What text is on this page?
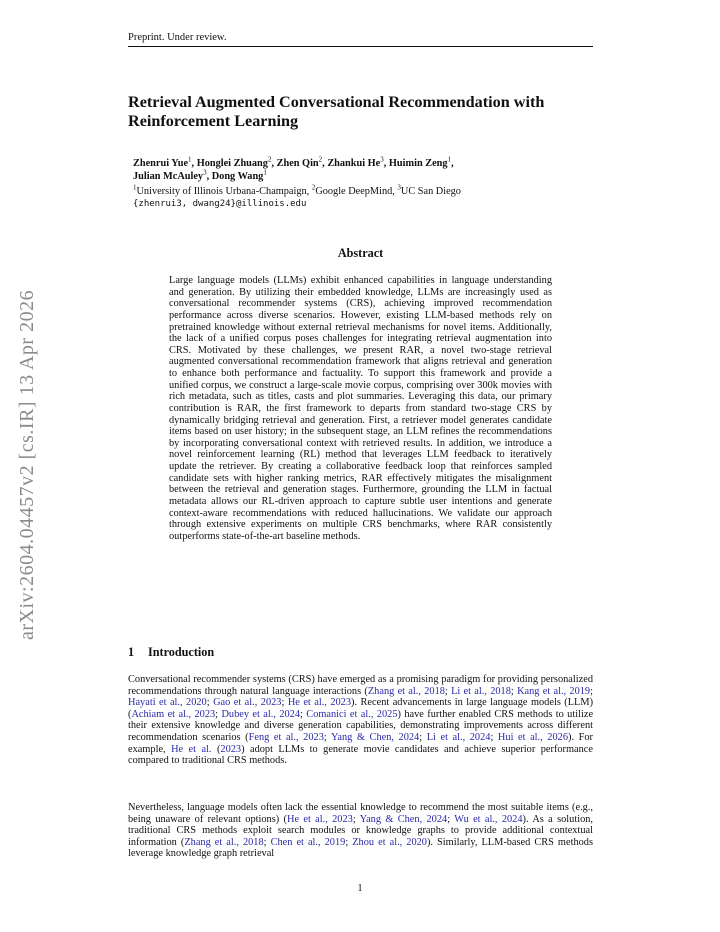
Preprint. Under review.
Retrieval Augmented Conversational Recommendation with Reinforcement Learning
Zhenrui Yue$^1$, Honglei Zhuang$^2$, Zhen Qin$^2$, Zhankui He$^3$, Huimin Zeng$^1$,
Julian McAuley$^3$, Dong Wang$^1$
$^1$University of Illinois Urbana-Champaign, $^2$Google DeepMind, $^3$UC San Diego
{zhenrui3, dwang24}@illinois.edu
Abstract
Large language models (LLMs) exhibit enhanced capabilities in language understanding and generation. By utilizing their embedded knowledge, LLMs are increasingly used as conversational recommender systems (CRS), achieving improved recommendation performance across diverse scenarios. However, existing LLM-based methods rely on pretrained knowledge without external retrieval mechanisms for novel items. Additionally, the lack of a unified corpus poses challenges for integrating retrieval augmentation into CRS. Motivated by these challenges, we present RAR, a novel two-stage retrieval augmented conversational recommendation framework that aligns retrieval and generation to enhance both performance and factuality. To support this framework and provide a unified corpus, we construct a large-scale movie corpus, comprising over 300k movies with rich metadata, such as titles, casts and plot summaries. Leveraging this data, our primary contribution is RAR, the first framework to departs from standard two-stage CRS by dynamically bridging retrieval and generation. First, a retriever model generates candidate items based on user history; in the subsequent stage, an LLM refines the recommendations by incorporating conversational context with retrieved results. In addition, we introduce a novel reinforcement learning (RL) method that leverages LLM feedback to iteratively update the retriever. By creating a collaborative feedback loop that reinforces sampled candidate sets with higher ranking metrics, RAR effectively mitigates the misalignment between the retrieval and generation stages. Furthermore, grounding the LLM in factual metadata allows our RL-driven approach to capture subtle user intentions and generate context-aware recommendations with reduced hallucinations. We validate our approach through extensive experiments on multiple CRS benchmarks, where RAR consistently outperforms state-of-the-art baseline methods.
1 Introduction
Conversational recommender systems (CRS) have emerged as a promising paradigm for providing personalized recommendations through natural language interactions (Zhang et al., 2018; Li et al., 2018; Kang et al., 2019; Hayati et al., 2020; Gao et al., 2023; He et al., 2023). Recent advancements in large language models (LLM) (Achiam et al., 2023; Dubey et al., 2024; Comanici et al., 2025) have further enabled CRS methods to utilize their extensive knowledge and diverse generation capabilities, demonstrating improvements across different recommendation scenarios (Feng et al., 2023; Yang & Chen, 2024; Li et al., 2024; Hui et al., 2026). For example, He et al. (2023) adopt LLMs to generate movie candidates and achieve superior performance compared to traditional CRS methods.
Nevertheless, language models often lack the essential knowledge to recommend the most suitable items (e.g., being unaware of relevant options) (He et al., 2023; Yang & Chen, 2024; Wu et al., 2024). As a solution, traditional CRS methods exploit search modules or knowledge graphs to provide additional contextual information (Zhang et al., 2018; Chen et al., 2019; Zhou et al., 2020). Similarly, LLM-based CRS methods leverage knowledge graph retrieval
arXiv:2604.04457v2 [cs.IR] 13 Apr 2026
1
